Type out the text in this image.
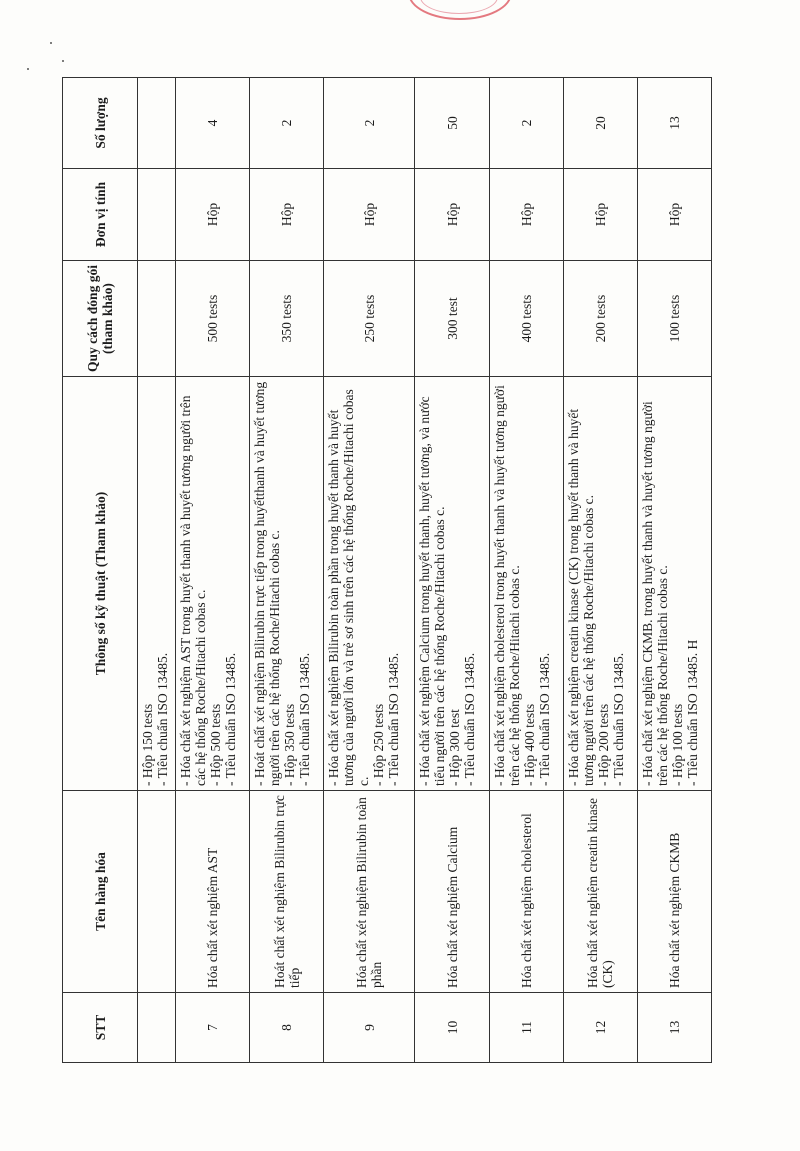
STT	Tên hàng hóa	Thông số kỹ thuật (Tham khảo)	Quy cách đóng gói (tham khảo)	Đơn vị tính	Số lượng

		- Hộp 150 tests - Tiêu chuẩn ISO 13485.			

7	Hóa chất xét nghiệm AST	- Hóa chất xét nghiệm AST trong huyết thanh và huyết tương người trên các hệ thống Roche/Hitachi cobas c. - Hộp 500 tests - Tiêu chuẩn ISO 13485.	500 tests	Hộp	4
8	Hoát chất xét nghiệm Bilirubin trực tiếp	- Hoát chất xét nghiệm Bilirubin trực tiếp trong huyếtthanh và huyết tương người trên các hệ thống Roche/Hitachi cobas c. - Hộp 350 tests - Tiêu chuẩn ISO 13485.	350 tests	Hộp	2
9	Hóa chất xét nghiệm Bilirubin toàn phần	- Hóa chất xét nghiệm Bilirubin toàn phần trong huyết thanh và huyết tương của người lớn và trẻ sơ sinh trên các hệ thống Roche/Hitachi cobas c. - Hộp 250 tests - Tiêu chuẩn ISO 13485.	250 tests	Hộp	2
10	Hóa chất xét nghiệm Calcium	- Hóa chất xét nghiệm Calcium trong huyết thanh, huyết tương, và nước tiểu người trên các hệ thống Roche/Hitachi cobas c. - Hộp 300 test - Tiêu chuẩn ISO 13485.	300 test	Hộp	50
11	Hóa chất xét nghiệm cholesterol	- Hóa chất xét nghiệm cholesterol trong huyết thanh và huyết tương người trên các hệ thống Roche/Hitachi cobas c. - Hộp 400 tests - Tiêu chuẩn ISO 13485.	400 tests	Hộp	2
12	Hóa chất xét nghiệm creatin kinase (CK)	- Hóa chất xét nghiệm creatin kinase (CK) trong huyết thanh và huyết tương người trên các hệ thống Roche/Hitachi cobas c. - Hộp 200 tests - Tiêu chuẩn ISO 13485.	200 tests	Hộp	20
13	Hóa chất xét nghiệm CKMB	- Hóa chất xét nghiệm CKMB. trong huyết thanh và huyết tương người trên các hệ thống Roche/Hitachi cobas c. - Hộp 100 tests - Tiêu chuẩn ISO 13485. H	100 tests	Hộp	13
